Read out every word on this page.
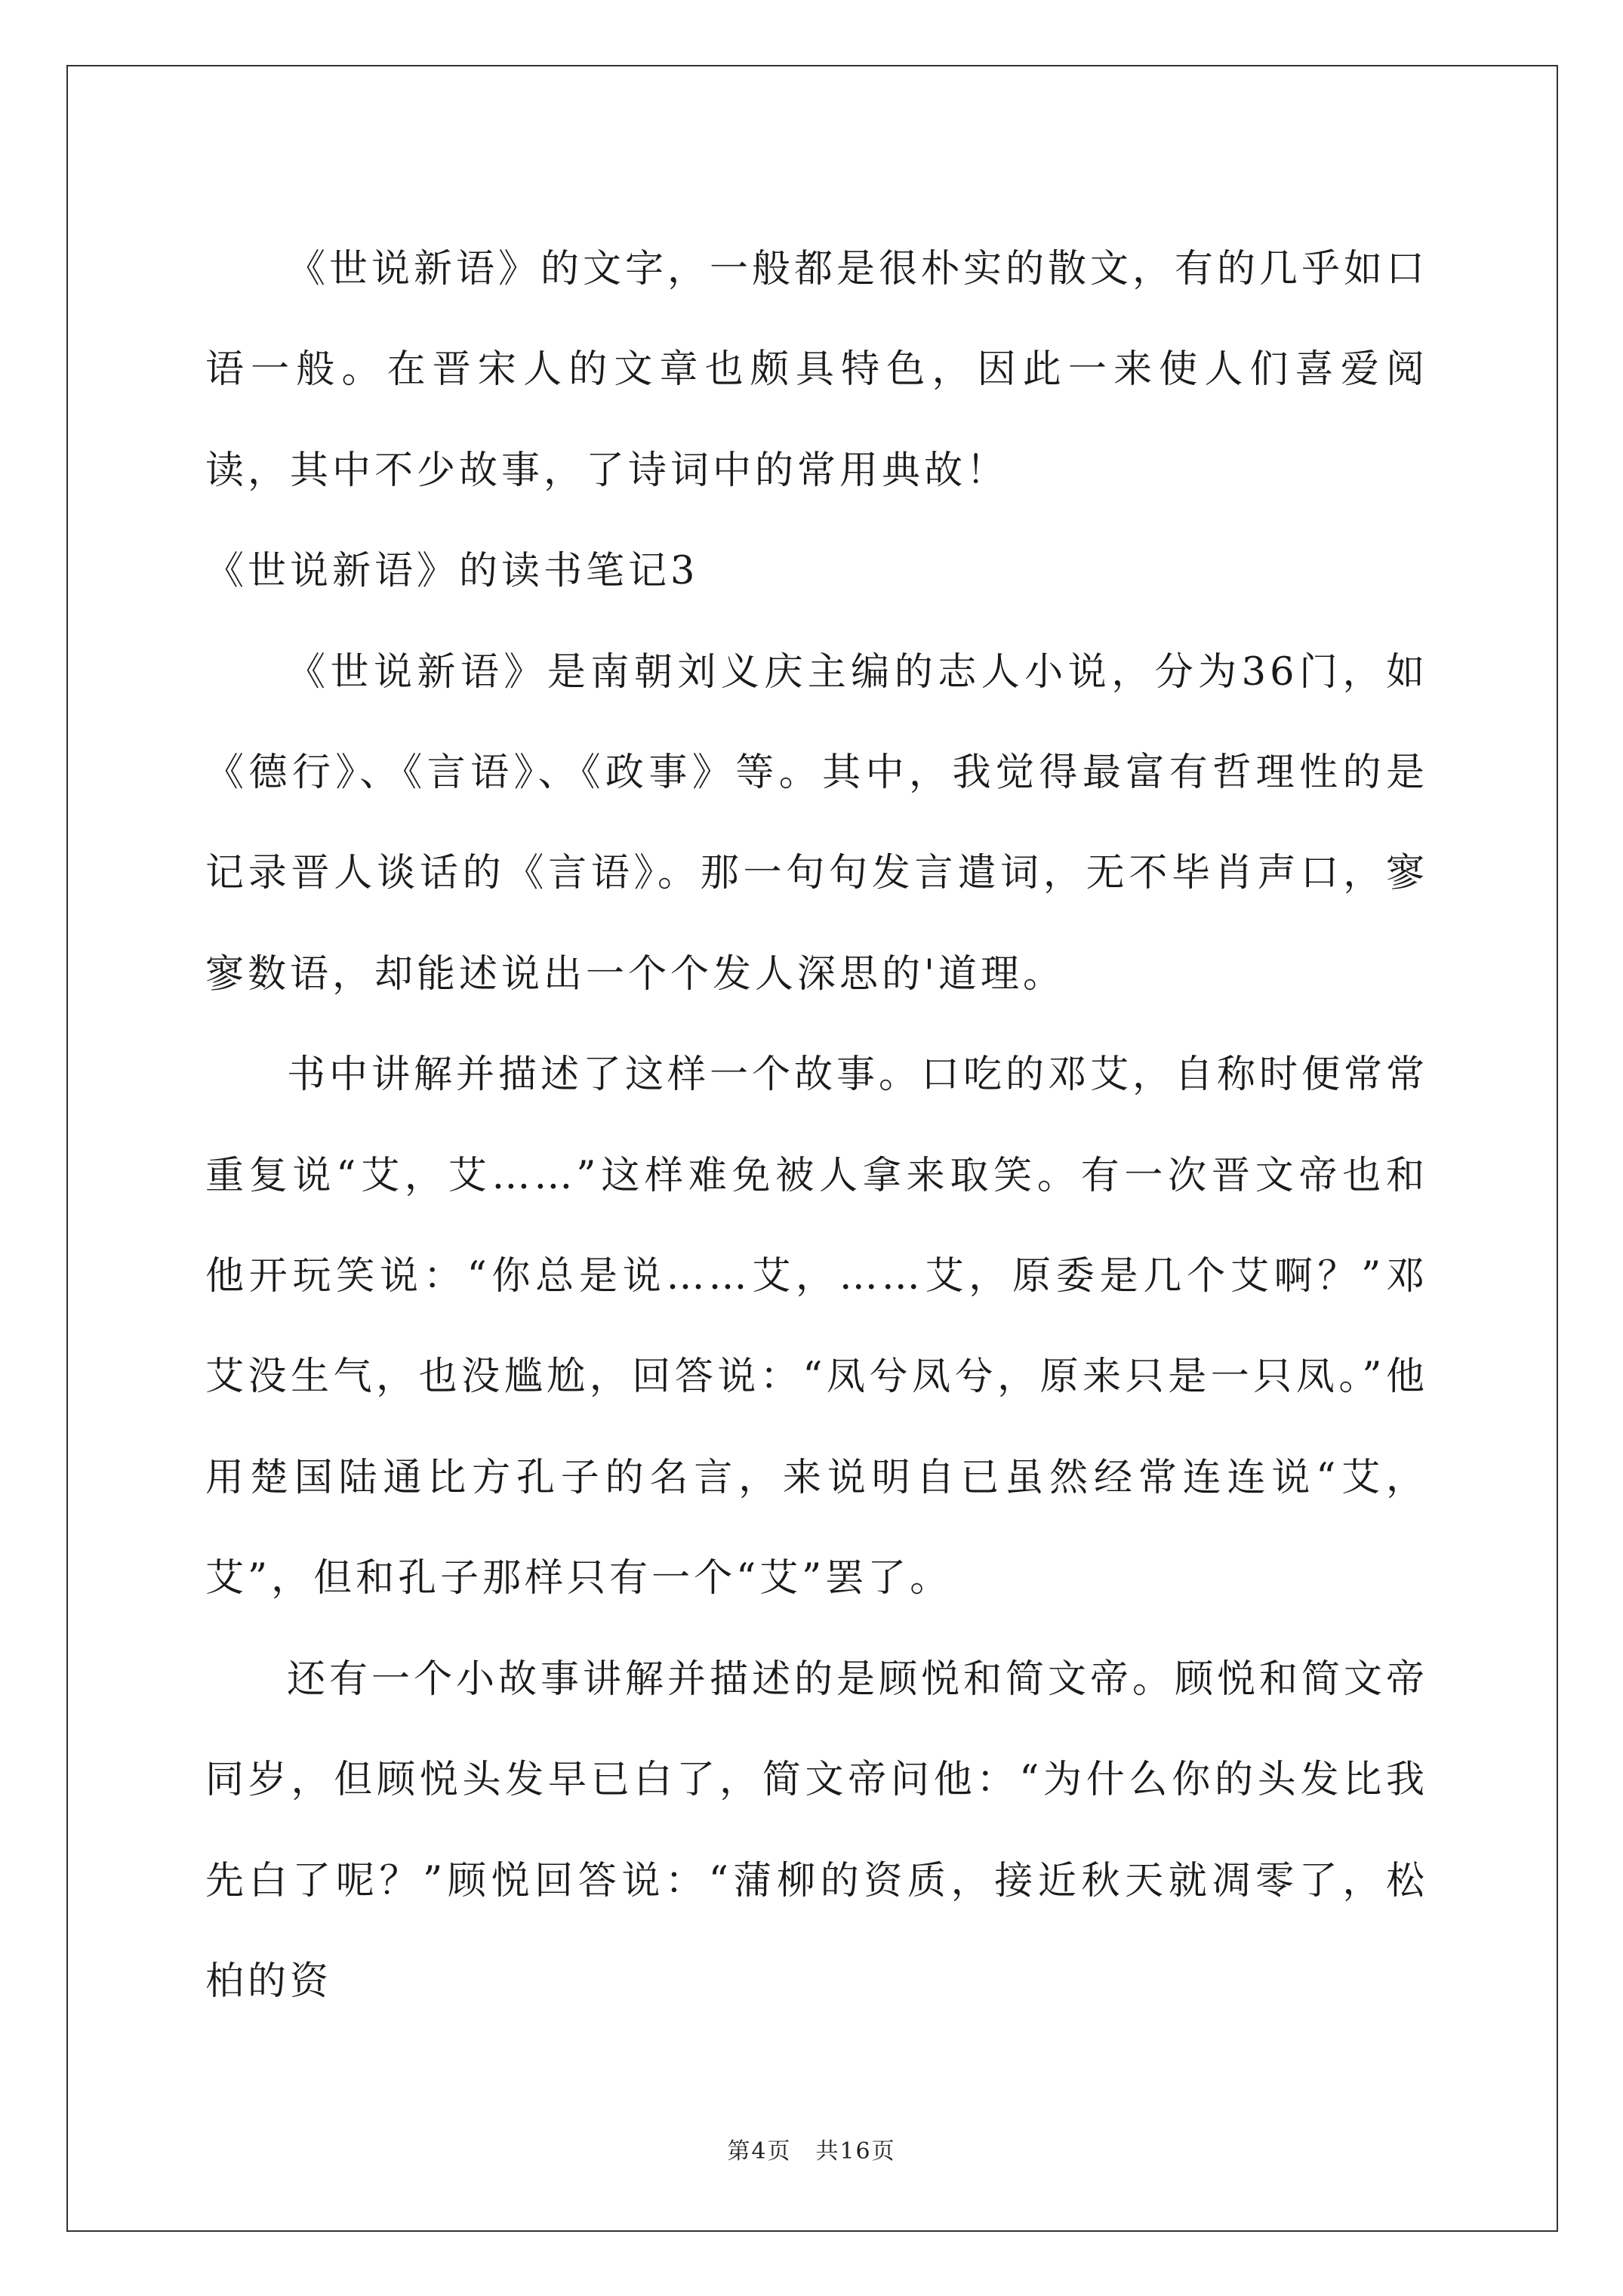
《世说新语》的文字，一般都是很朴实的散文，有的几乎如口语一般。在晋宋人的文章也颇具特色，因此一来使人们喜爱阅读，其中不少故事，了诗词中的常用典故！

《世说新语》的读书笔记3

《世说新语》是南朝刘义庆主编的志人小说，分为36门，如《德行》、《言语》、《政事》等。其中，我觉得最富有哲理性的是记录晋人谈话的《言语》。那一句句发言遣词，无不毕肖声口，寥寥数语，却能述说出一个个发人深思的'道理。

书中讲解并描述了这样一个故事。口吃的邓艾，自称时便常常重复说“艾，艾……”这样难免被人拿来取笑。有一次晋文帝也和他开玩笑说：“你总是说……艾，……艾，原委是几个艾啊？”邓艾没生气，也没尴尬，回答说：“凤兮凤兮，原来只是一只凤。”他用楚国陆通比方孔子的名言，来说明自已虽然经常连连说“艾，艾”，但和孔子那样只有一个“艾”罢了。

还有一个小故事讲解并描述的是顾悦和简文帝。顾悦和简文帝同岁，但顾悦头发早已白了，简文帝问他：“为什么你的头发比我先白了呢？”顾悦回答说：“蒲柳的资质，接近秋天就凋零了，松柏的资

第4页　共16页
